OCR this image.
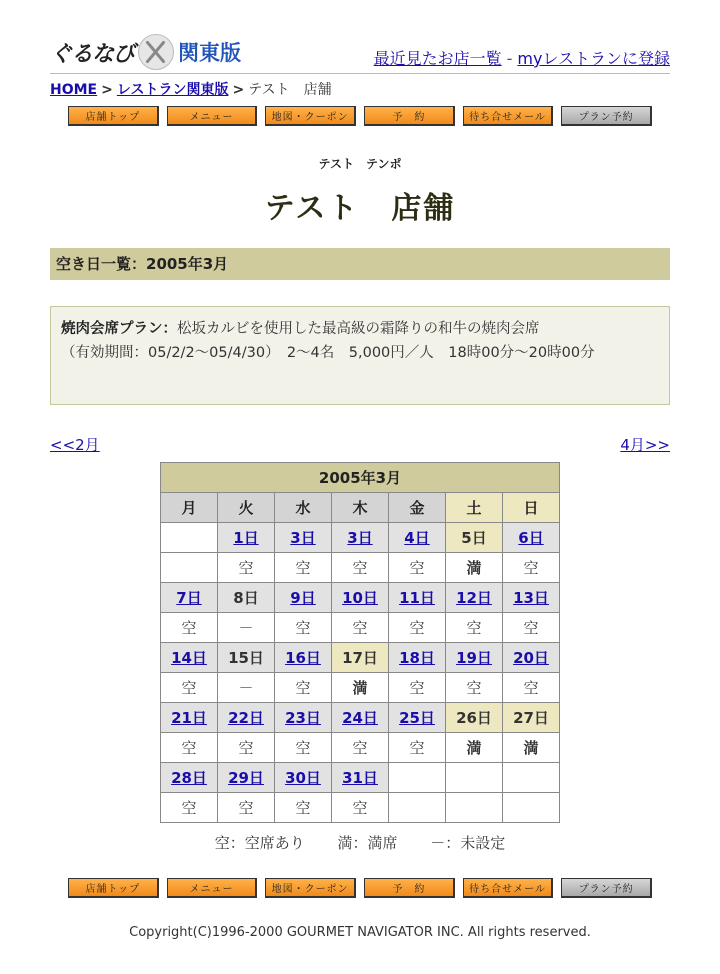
ぐるなび 関東版	最近見たお店一覧 - myレストランに登録
HOME > レストラン関東版 > テスト　店舗
店舗トップ	メニュー	地図・クーポン	予　約	待ち合せメール	プラン予約
テスト　テンポ
テスト　店舗
空き日一覧：2005年3月
焼肉会席プラン：松坂カルビを使用した最高級の霜降りの和牛の焼肉会席
（有効期間：05/2/2～05/4/30）　2～4名　5,000円／人　18時00分～20時00分
<<2月	4月>>
2005年3月						
月	火	水	木	金	土	日
	1日	3日	3日	4日	5日	6日
	空	空	空	空	満	空
7日	8日	9日	10日	11日	12日	13日
空	－	空	空	空	空	空
14日	15日	16日	17日	18日	19日	20日
空	－	空	満	空	空	空
21日	22日	23日	24日	25日	26日	27日
空	空	空	空	空	満	満
28日	29日	30日	31日			
空	空	空	空			
空：空席あり 満：満席 －：未設定
店舗トップ	メニュー	地図・クーポン	予　約	待ち合せメール	プラン予約
Copyright(C)1996-2000 GOURMET NAVIGATOR INC. All rights reserved.
